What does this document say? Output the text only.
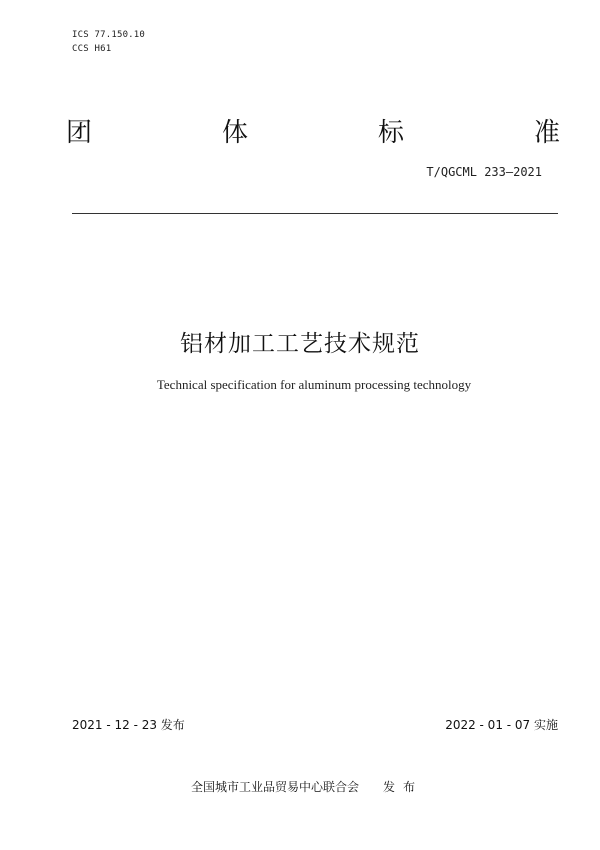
ICS 77.150.10
CCS H61
团	体	标	准
T/QGCML 233—2021
铝材加工工艺技术规范
Technical specification for aluminum processing technology
2021 - 12 - 23 发布	2022 - 01 - 07 实施
全国城市工业品贸易中心联合会 发布
